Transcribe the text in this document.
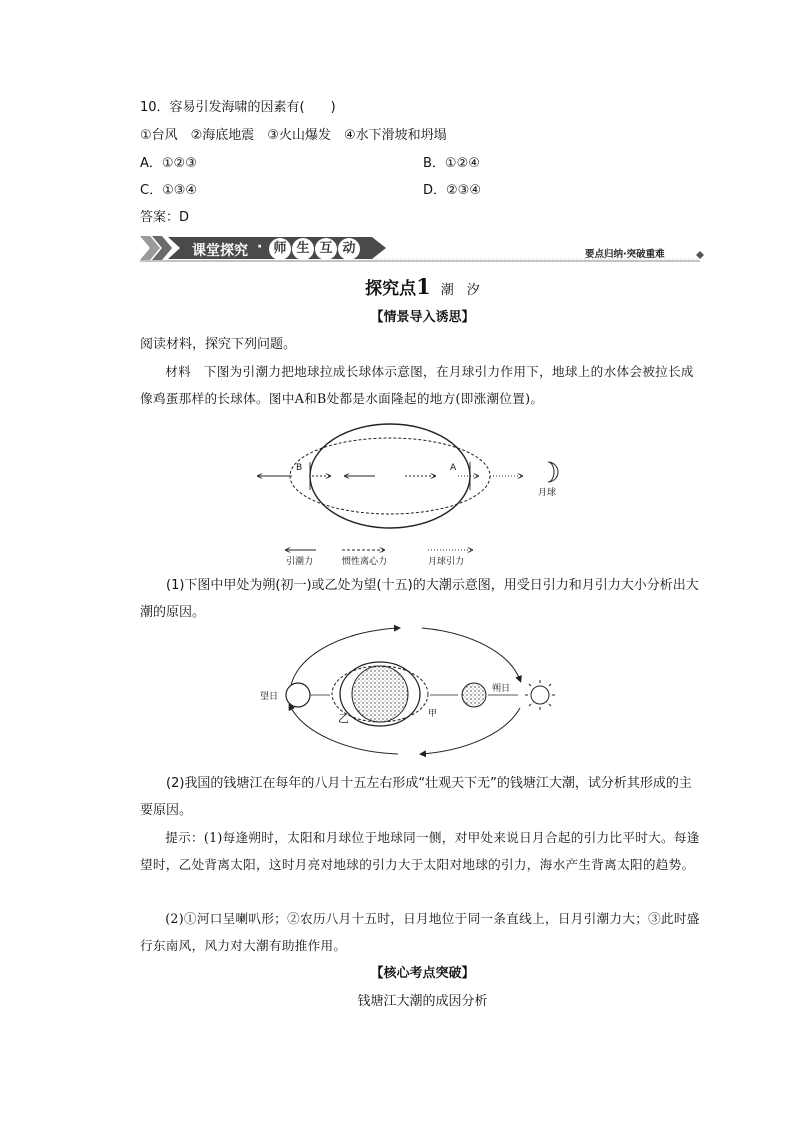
10．容易引发海啸的因素有(　　)
①台风　②海底地震　③火山爆发　④水下滑坡和坍塌
A．①②③	B．①②④
C．①③④	D．②③④
答案：D
课堂探究 · 师 生 互 动	要点归纳·突破重难
探究点1 潮　汐
【情景导入诱思】
阅读材料，探究下列问题。
材料　下图为引潮力把地球拉成长球体示意图，在月球引力作用下，地球上的水体会被拉长成像鸡蛋那样的长球体。图中A和B处都是水面隆起的地方(即涨潮位置)。
B	A
月球
引潮力	惯性离心力	月球引力
(1)下图中甲处为朔(初一)或乙处为望(十五)的大潮示意图，用受日引力和月引力大小分析出大潮的原因。
望日
乙	甲
朔日
(2)我国的钱塘江在每年的八月十五左右形成“壮观天下无”的钱塘江大潮，试分析其形成的主要原因。
提示：(1)每逢朔时，太阳和月球位于地球同一侧，对甲处来说日月合起的引力比平时大。每逢望时，乙处背离太阳，这时月亮对地球的引力大于太阳对地球的引力，海水产生背离太阳的趋势。
(2)①河口呈喇叭形；②农历八月十五时，日月地位于同一条直线上，日月引潮力大；③此时盛行东南风，风力对大潮有助推作用。
【核心考点突破】
钱塘江大潮的成因分析
